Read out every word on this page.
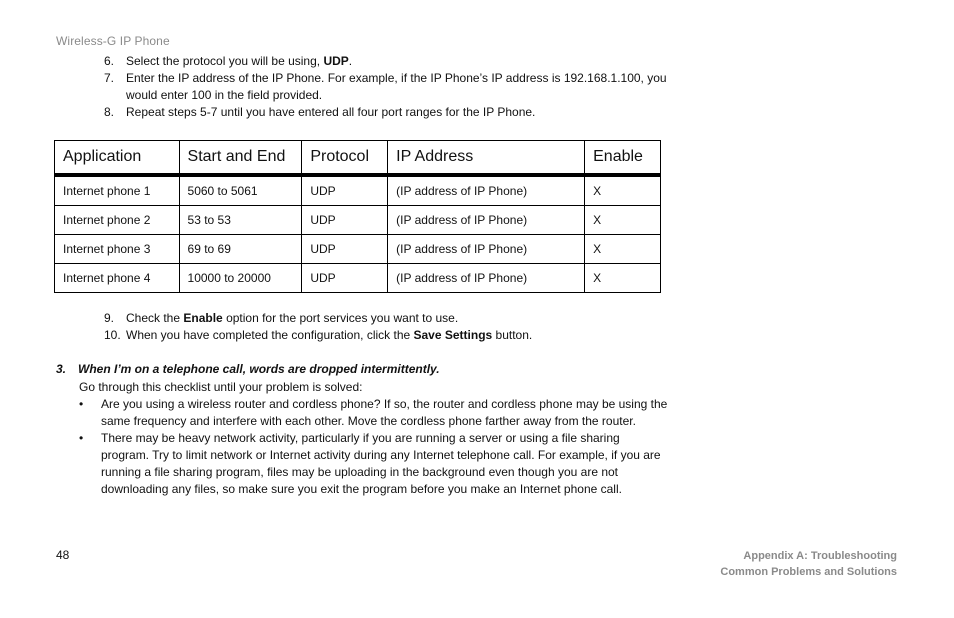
Wireless-G IP Phone
6. Select the protocol you will be using, UDP.
7. Enter the IP address of the IP Phone. For example, if the IP Phone’s IP address is 192.168.1.100, you would enter 100 in the field provided.
8. Repeat steps 5-7 until you have entered all four port ranges for the IP Phone.
Application	Start and End	Protocol	IP Address	Enable
Internet phone 1	5060 to 5061	UDP	(IP address of IP Phone)	X
Internet phone 2	53 to 53	UDP	(IP address of IP Phone)	X
Internet phone 3	69 to 69	UDP	(IP address of IP Phone)	X
Internet phone 4	10000 to 20000	UDP	(IP address of IP Phone)	X
9. Check the Enable option for the port services you want to use.
10. When you have completed the configuration, click the Save Settings button.
3. When I’m on a telephone call, words are dropped intermittently.
Go through this checklist until your problem is solved:
•	Are you using a wireless router and cordless phone? If so, the router and cordless phone may be using the same frequency and interfere with each other. Move the cordless phone farther away from the router.
•	There may be heavy network activity, particularly if you are running a server or using a file sharing program. Try to limit network or Internet activity during any Internet telephone call. For example, if you are running a file sharing program, files may be uploading in the background even though you are not downloading any files, so make sure you exit the program before you make an Internet phone call.
48	Appendix A: Troubleshooting
Common Problems and Solutions
